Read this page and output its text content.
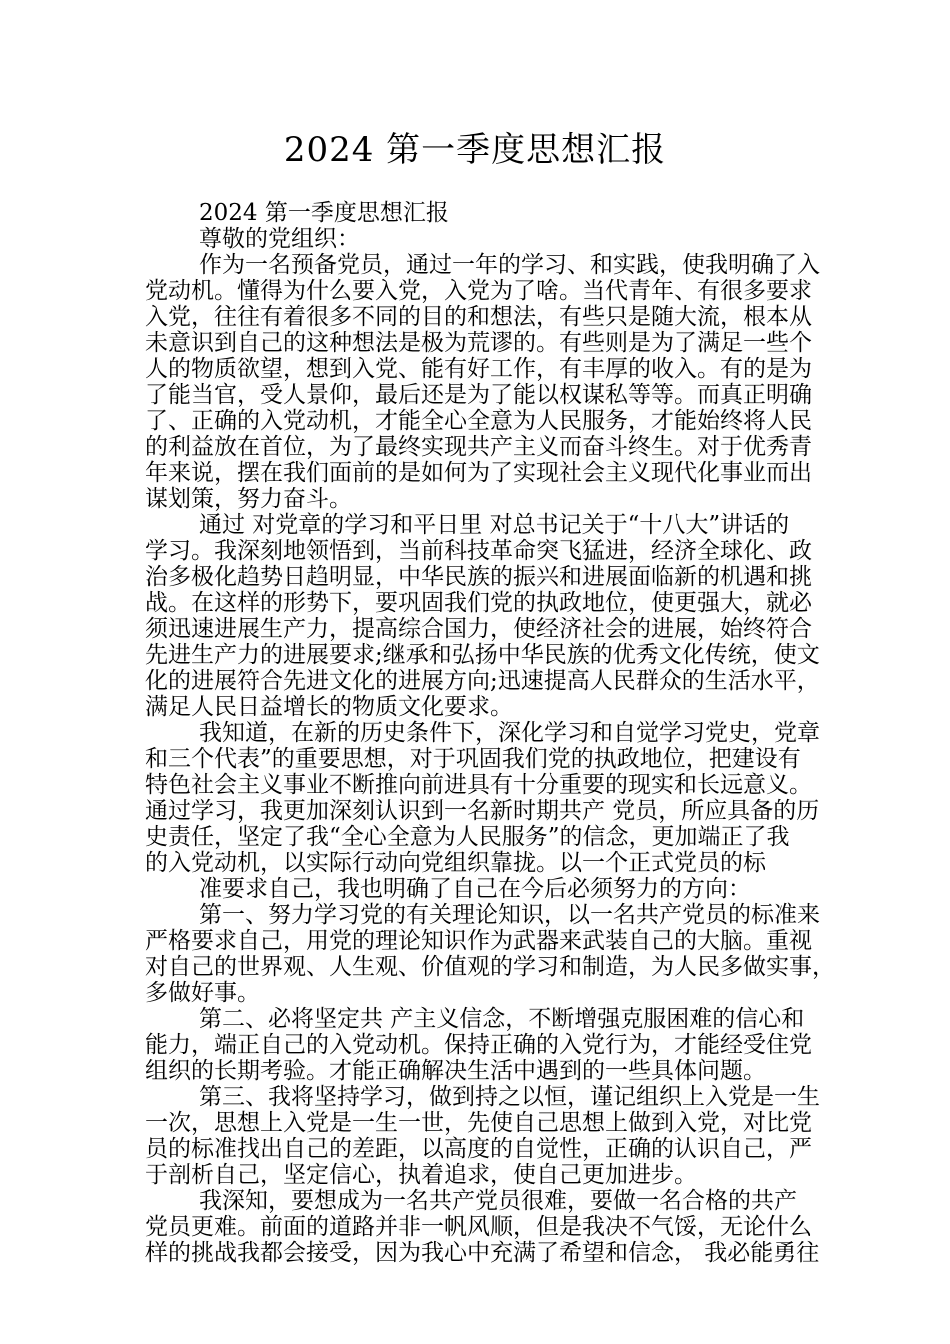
2024 第一季度思想汇报
2024 第一季度思想汇报
尊敬的党组织：
作为一名预备党员，通过一年的学习、和实践，使我明确了入
党动机。懂得为什么要入党，入党为了啥。当代青年、有很多要求
入党，往往有着很多不同的目的和想法，有些只是随大流，根本从
未意识到自己的这种想法是极为荒谬的。有些则是为了满足一些个
人的物质欲望，想到入党、能有好工作，有丰厚的收入。有的是为
了能当官，受人景仰，最后还是为了能以权谋私等等。而真正明确
了、正确的入党动机，才能全心全意为人民服务，才能始终将人民
的利益放在首位，为了最终实现共产主义而奋斗终生。对于优秀青
年来说，摆在我们面前的是如何为了实现社会主义现代化事业而出
谋划策，努力奋斗。
通过 对党章的学习和平日里 对总书记关于“十八大”讲话的
学习。我深刻地领悟到，当前科技革命突飞猛进，经济全球化、政
治多极化趋势日趋明显，中华民族的振兴和进展面临新的机遇和挑
战。在这样的形势下，要巩固我们党的执政地位，使更强大，就必
须迅速进展生产力，提高综合国力，使经济社会的进展，始终符合
先进生产力的进展要求;继承和弘扬中华民族的优秀文化传统，使文
化的进展符合先进文化的进展方向;迅速提高人民群众的生活水平，
满足人民日益增长的物质文化要求。
我知道，在新的历史条件下，深化学习和自觉学习党史，党章
和三个代表”的重要思想，对于巩固我们党的执政地位，把建设有
特色社会主义事业不断推向前进具有十分重要的现实和长远意义。
通过学习，我更加深刻认识到一名新时期共产 党员，所应具备的历
史责任，坚定了我“全心全意为人民服务”的信念，更加端正了我
的入党动机，以实际行动向党组织靠拢。以一个正式党员的标
准要求自己，我也明确了自己在今后必须努力的方向：
第一、努力学习党的有关理论知识，以一名共产党员的标准来
严格要求自己，用党的理论知识作为武器来武装自己的大脑。重视
对自己的世界观、人生观、价值观的学习和制造，为人民多做实事，
多做好事。
第二、必将坚定共 产主义信念，不断增强克服困难的信心和
能力，端正自己的入党动机。保持正确的入党行为，才能经受住党
组织的长期考验。才能正确解决生活中遇到的一些具体问题。
第三、我将坚持学习，做到持之以恒，谨记组织上入党是一生
一次，思想上入党是一生一世，先使自己思想上做到入党，对比党
员的标准找出自己的差距，以高度的自觉性，正确的认识自己，严
于剖析自己，坚定信心，执着追求，使自己更加进步。
我深知，要想成为一名共产党员很难，要做一名合格的共产
党员更难。前面的道路并非一帆风顺，但是我决不气馁，无论什么
样的挑战我都会接受，因为我心中充满了希望和信念， 我必能勇往
